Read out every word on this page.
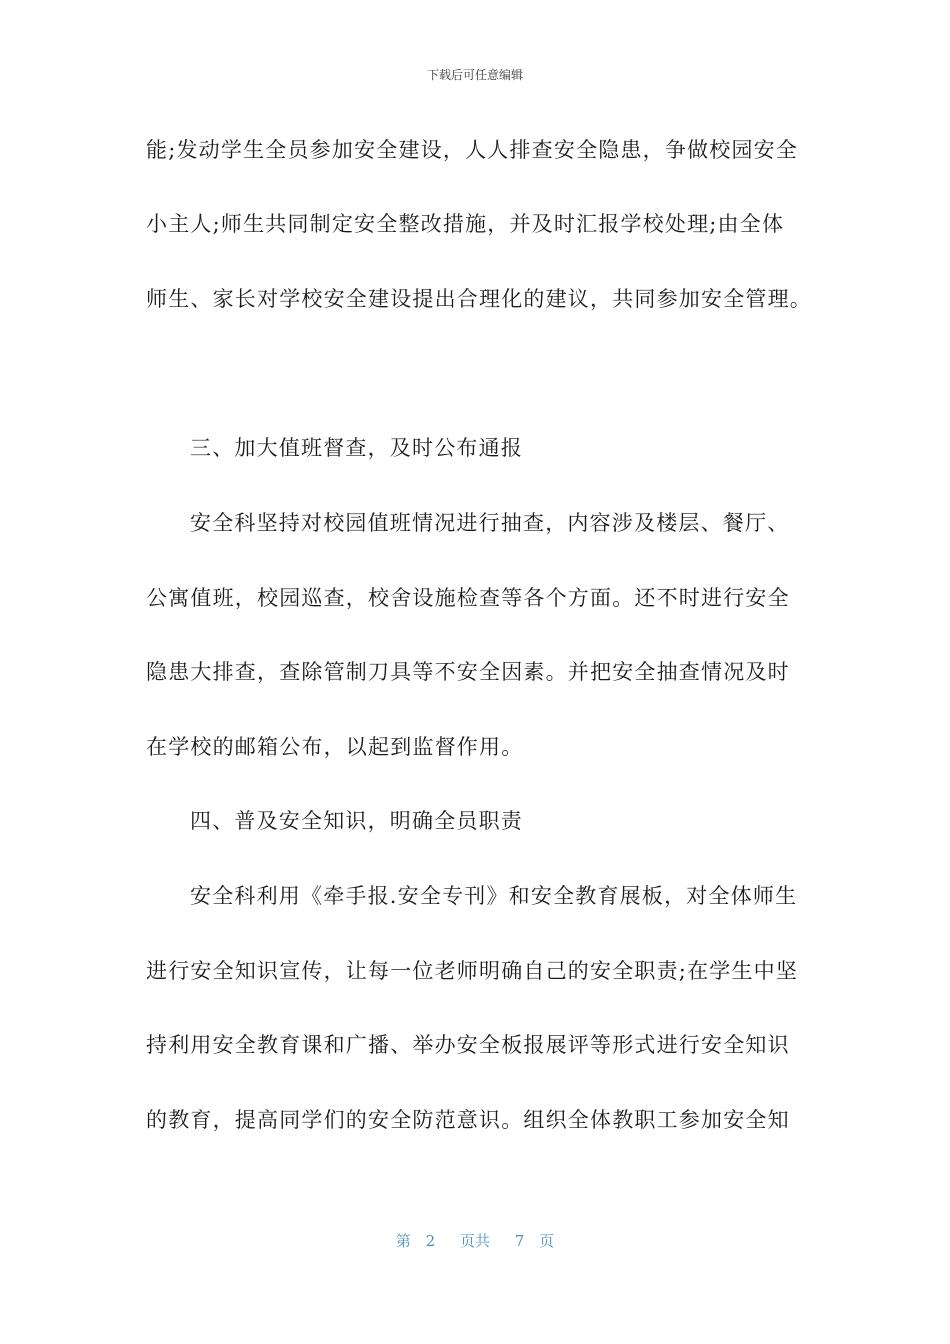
下载后可任意编辑
能;发动学生全员参加安全建设，人人排查安全隐患，争做校园安全
小主人;师生共同制定安全整改措施，并及时汇报学校处理;由全体
师生、家长对学校安全建设提出合理化的建议，共同参加安全管理。
三、加大值班督查，及时公布通报
安全科坚持对校园值班情况进行抽查，内容涉及楼层、餐厅、
公寓值班，校园巡查，校舍设施检查等各个方面。还不时进行安全
隐患大排查，查除管制刀具等不安全因素。并把安全抽查情况及时
在学校的邮箱公布，以起到监督作用。
四、普及安全知识，明确全员职责
安全科利用《牵手报.安全专刊》和安全教育展板，对全体师生
进行安全知识宣传，让每一位老师明确自己的安全职责;在学生中坚
持利用安全教育课和广播、举办安全板报展评等形式进行安全知识
的教育，提高同学们的安全防范意识。组织全体教职工参加安全知
第 2 页共 7 页
